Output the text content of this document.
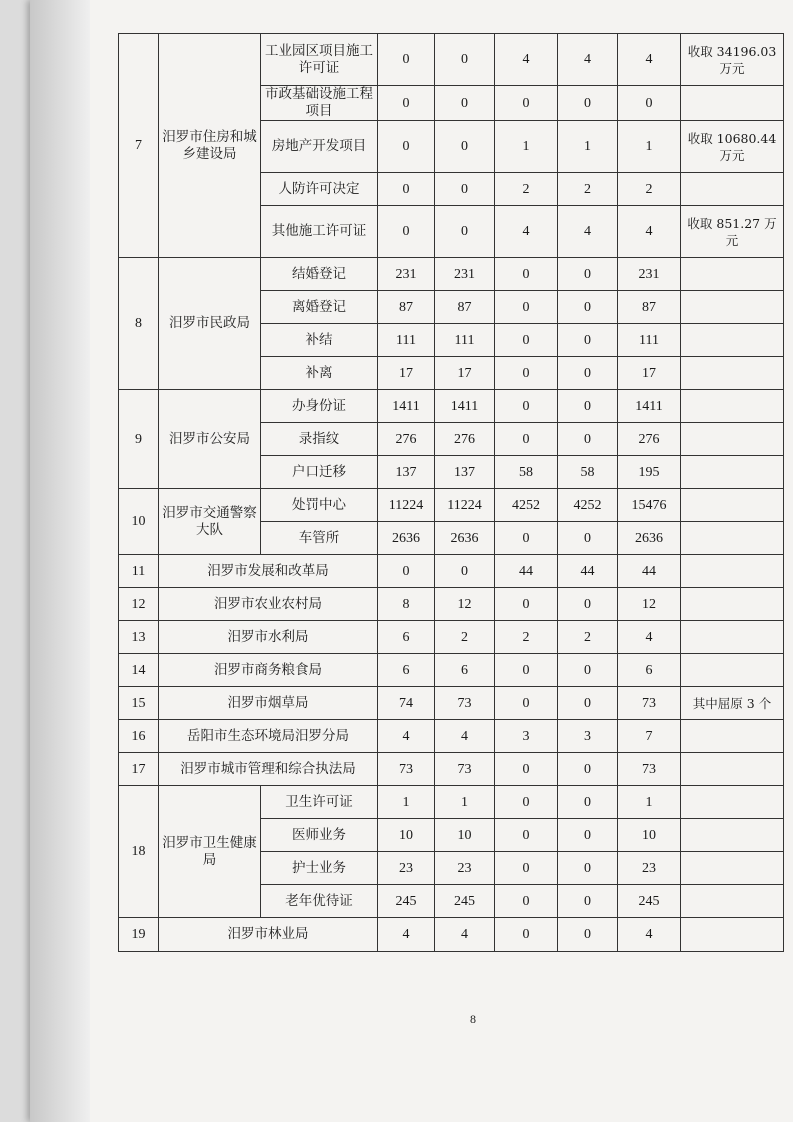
7	汨罗市住房和城乡建设局	工业园区项目施工许可证	0	0	4	4	4	收取 34196.03 万元
		市政基础设施工程项目	0	0	0	0	0	
		房地产开发项目	0	0	1	1	1	收取 10680.44 万元
		人防许可决定	0	0	2	2	2	
		其他施工许可证	0	0	4	4	4	收取 851.27 万元
8	汨罗市民政局	结婚登记	231	231	0	0	231	
		离婚登记	87	87	0	0	87	
		补结	111	111	0	0	111	
		补离	17	17	0	0	17	
9	汨罗市公安局	办身份证	1411	1411	0	0	1411	
		录指纹	276	276	0	0	276	
		户口迁移	137	137	58	58	195	
10	汨罗市交通警察大队	处罚中心	11224	11224	4252	4252	15476	
		车管所	2636	2636	0	0	2636	
11	汨罗市发展和改革局		0	0	44	44	44	
12	汨罗市农业农村局		8	12	0	0	12	
13	汨罗市水利局		6	2	2	2	4	
14	汨罗市商务粮食局		6	6	0	0	6	
15	汨罗市烟草局		74	73	0	0	73	其中屈原 3 个
16	岳阳市生态环境局汨罗分局		4	4	3	3	7	
17	汨罗市城市管理和综合执法局		73	73	0	0	73	
18	汨罗市卫生健康局	卫生许可证	1	1	0	0	1	
		医师业务	10	10	0	0	10	
		护士业务	23	23	0	0	23	
		老年优待证	245	245	0	0	245	
19	汨罗市林业局		4	4	0	0	4	
8
